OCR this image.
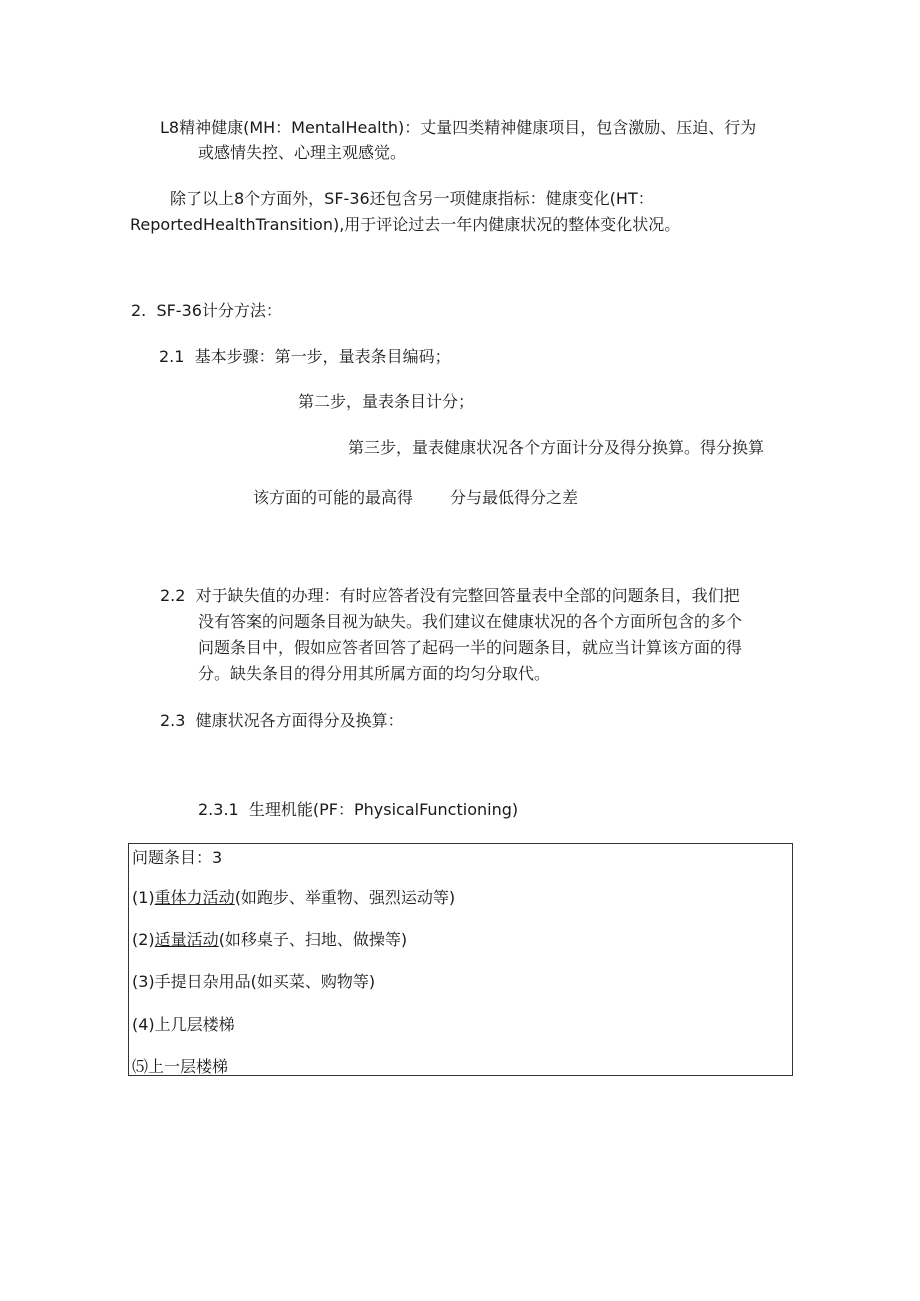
L8精神健康(MH：MentalHealth)：丈量四类精神健康项目，包含激励、压迫、行为
或感情失控、心理主观感觉。
除了以上8个方面外，SF-36还包含另一项健康指标：健康变化(HT：
ReportedHealthTransition),用于评论过去一年内健康状况的整体变化状况。
2.  SF-36计分方法：
2.1  基本步骤：第一步，量表条目编码；
第二步，量表条目计分；
第三步，量表健康状况各个方面计分及得分换算。得分换算
该方面的可能的最高得 分与最低得分之差
2.2  对于缺失值的办理：有时应答者没有完整回答量表中全部的问题条目，我们把
没有答案的问题条目视为缺失。我们建议在健康状况的各个方面所包含的多个
问题条目中，假如应答者回答了起码一半的问题条目，就应当计算该方面的得
分。缺失条目的得分用其所属方面的均匀分取代。
2.3  健康状况各方面得分及换算：
2.3.1  生理机能(PF：PhysicalFunctioning)
问题条目：3
(1)重体力活动(如跑步、举重物、强烈运动等)
(2)适量活动(如移桌子、扫地、做操等)
(3)手提日杂用品(如买菜、购物等)
(4)上几层楼梯
⑸上一层楼梯
